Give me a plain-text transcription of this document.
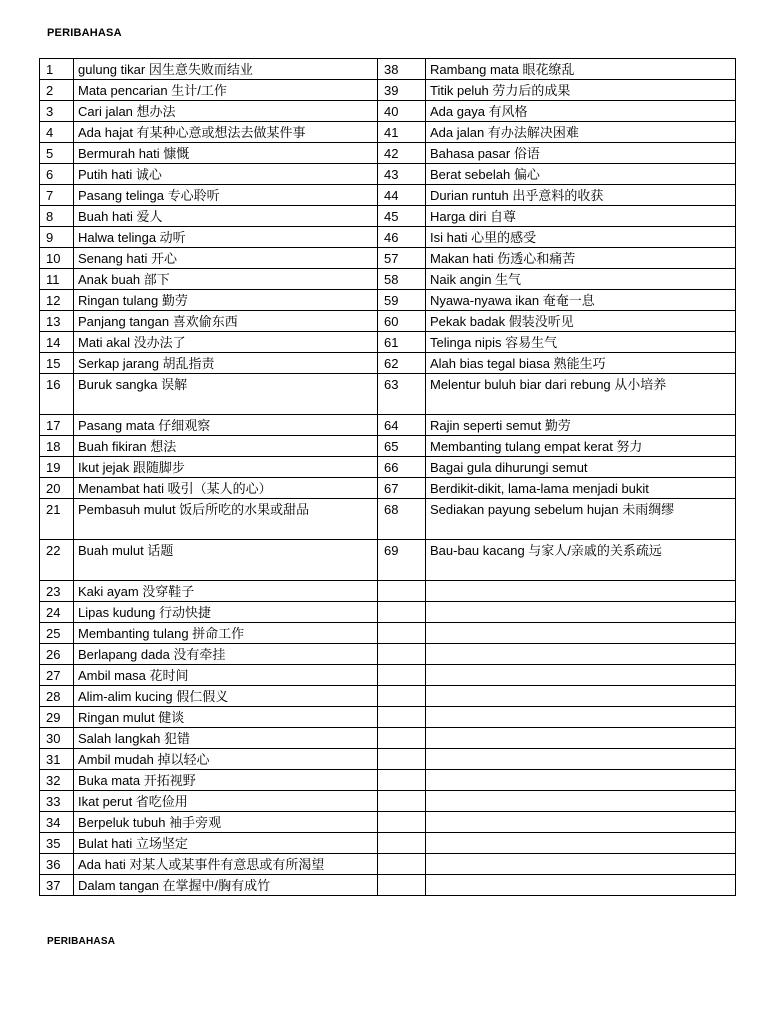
PERIBAHASA
1	gulung tikar 因生意失败而结业	38	Rambang mata 眼花缭乱
2	Mata pencarian 生计/工作	39	Titik peluh 劳力后的成果
3	Cari jalan 想办法	40	Ada gaya 有风格
4	Ada hajat 有某种心意或想法去做某件事	41	Ada jalan 有办法解决困难
5	Bermurah hati 慷慨	42	Bahasa pasar 俗语
6	Putih hati 诚心	43	Berat sebelah 偏心
7	Pasang telinga 专心聆听	44	Durian runtuh 出乎意料的收获
8	Buah hati 爱人	45	Harga diri 自尊
9	Halwa telinga 动听	46	Isi hati 心里的感受
10	Senang hati 开心	57	Makan hati 伤透心和痛苦
11	Anak buah 部下	58	Naik angin 生气
12	Ringan tulang 勤劳	59	Nyawa-nyawa ikan 奄奄一息
13	Panjang tangan 喜欢偷东西	60	Pekak badak 假装没听见
14	Mati akal 没办法了	61	Telinga nipis 容易生气
15	Serkap jarang 胡乱指责	62	Alah bias tegal biasa 熟能生巧
16	Buruk sangka 误解	63	Melentur buluh biar dari rebung 从小培养
17	Pasang mata 仔细观察	64	Rajin seperti semut 勤劳
18	Buah fikiran 想法	65	Membanting tulang empat kerat 努力
19	Ikut jejak 跟随脚步	66	Bagai gula dihurungi semut
20	Menambat hati 吸引（某人的心）	67	Berdikit-dikit, lama-lama menjadi bukit
21	Pembasuh mulut 饭后所吃的水果或甜品	68	Sediakan payung sebelum hujan 未雨绸缪
22	Buah mulut 话题	69	Bau-bau kacang 与家人/亲戚的关系疏远
23	Kaki ayam 没穿鞋子		
24	Lipas kudung 行动快捷		
25	Membanting tulang 拼命工作		
26	Berlapang dada 没有牵挂		
27	Ambil masa 花时间		
28	Alim-alim kucing 假仁假义		
29	Ringan mulut 健谈		
30	Salah langkah 犯错		
31	Ambil mudah 掉以轻心		
32	Buka mata 开拓视野		
33	Ikat perut 省吃俭用		
34	Berpeluk tubuh 袖手旁观		
35	Bulat hati 立场坚定		
36	Ada hati 对某人或某事件有意思或有所渴望		
37	Dalam tangan 在掌握中/胸有成竹		
PERIBAHASA
